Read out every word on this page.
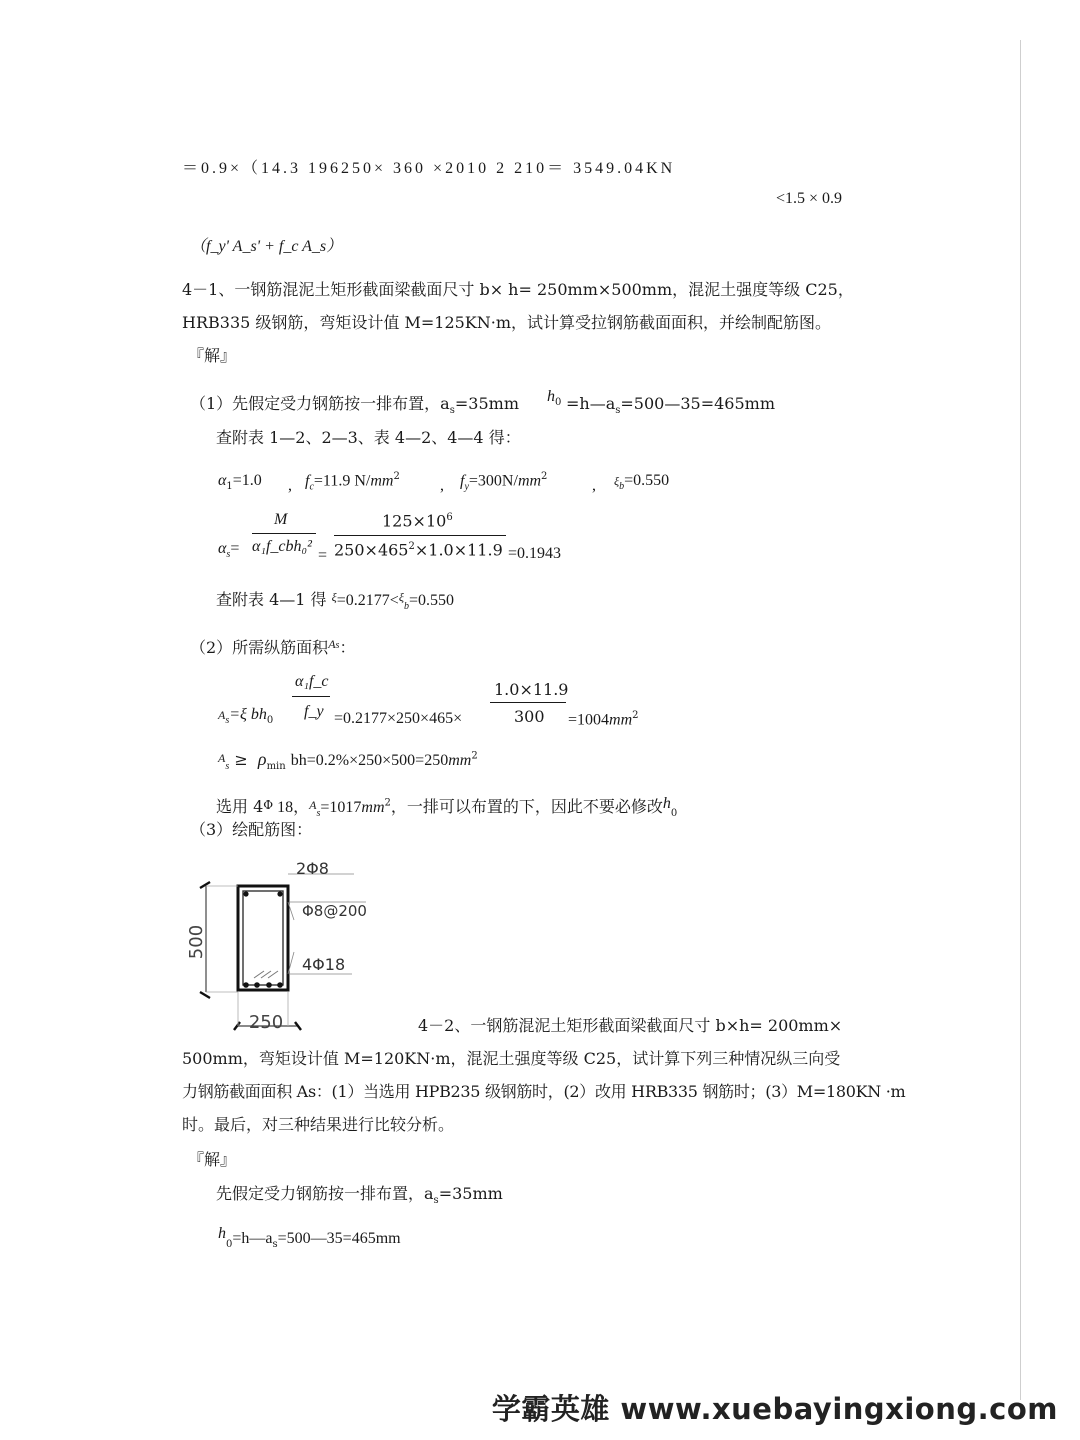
＝0.9×（14.3 196250× 360 ×2010 2 210＝ 3549.04KN
<1.5 × 0.9
（f_y' A_s' + f_c A_s）
4－1、一钢筋混泥土矩形截面梁截面尺寸 b× h= 250mm×500mm，混泥土强度等级 C25，
HRB335 级钢筋，弯矩设计值 M=125KN·m，试计算受拉钢筋截面面积，并绘制配筋图。
『解』
（1）先假定受力钢筋按一排布置，$a_s=35mm$ $h_0$ $=h—a_s=500—35=465mm$
查附表 1—2、2—3、表 4—2、4—4 得：
$\alpha_1=1.0$ , $f_c=11.9$ $N/mm^2$
, $f_y=300N/mm^2$
, $\xi_b=0.550$
M
$\alpha_s=$ α₁f_cbh₀²
=
$125\times 10^6$
$250\times 465^2\times 1.0\times 11.9 =0.1943$
查附表 4—1 得 $^\xi$=0.2177<$^\xi_b$=0.550
（2）所需纵筋面积$^A_s$：
α₁f_c
$A_s=\xi$ $bh_0$
f_y =0.2177×250×465×
1.0×11.9
$300 =1004mm^2$
$A_s \ge \rho_{min}$ $bh=0.2\%\times 250\times 500=250mm^2$
选用 4Φ 18，$A_s=1017mm^2$，一排可以布置的下，因此不要必修改$h_0$
（3）绘配筋图：
2Φ8
Φ8@200
4Φ18
500
250	4－2、一钢筋混泥土矩形截面梁截面尺寸 b×h= 200mm×
500mm，弯矩设计值 M=120KN·m，混泥土强度等级 C25，试计算下列三种情况纵三向受
力钢筋截面面积 As：(1）当选用 HPB235 级钢筋时，(2）改用 HRB335 钢筋时；(3）M=180KN ·m
时。最后，对三种结果进行比较分析。
『解』
先假定受力钢筋按一排布置，$a_s=35mm$
$h_0=h—a_s=500—35=465mm$
学霸英雄 www.xuebayingxiong.com
